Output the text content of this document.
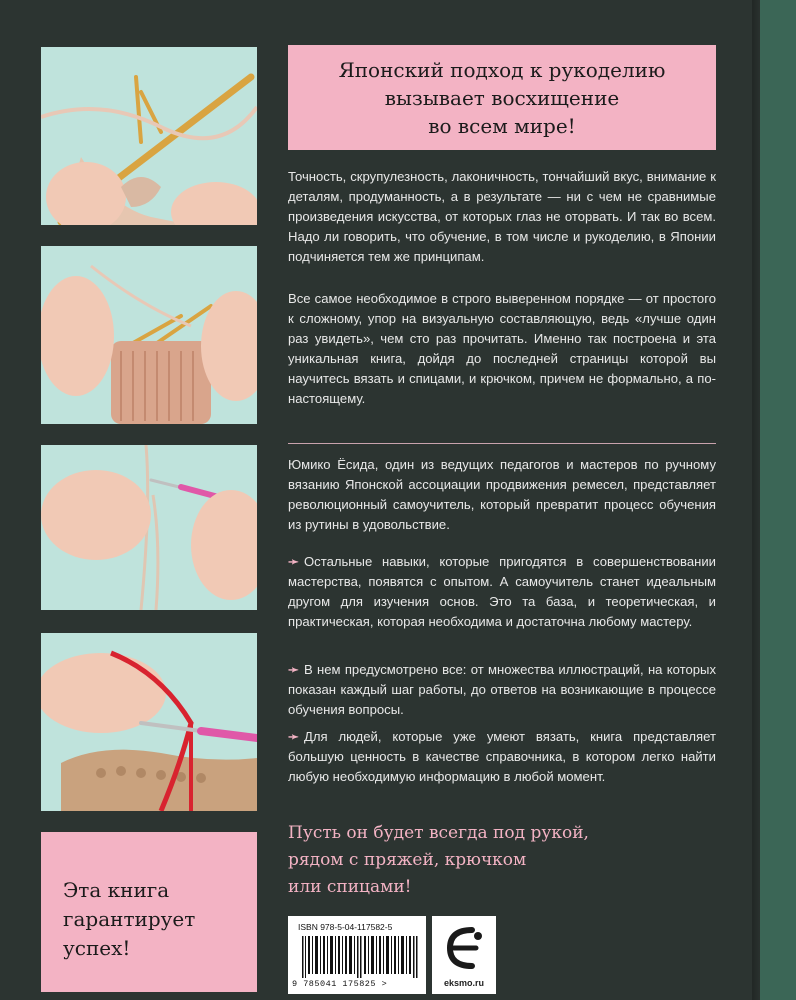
Японский подход к рукоделию
вызывает восхищение
во всем мире!
Точность, скрупулезность, лаконичность, тончайший вкус, внимание к деталям, продуманность, а в результате — ни с чем не сравнимые произведения искусства, от которых глаз не оторвать. И так во всем. Надо ли говорить, что обучение, в том числе и рукоделию, в Японии подчиняется тем же принципам.
Все самое необходимое в строго выверенном порядке — от простого к сложному, упор на визуальную составляющую, ведь «лучше один раз увидеть», чем сто раз прочитать. Именно так построена и эта уникальная книга, дойдя до последней страницы которой вы научитесь вязать и спицами, и крючком, причем не формально, а по-настоящему.
Юмико Ёсида, один из ведущих педагогов и мастеров по ручному вязанию Японской ассоциации продвижения ремесел, представляет революционный самоучитель, который превратит процесс обучения из рутины в удовольствие.
➛ Остальные навыки, которые пригодятся в совершенствовании мастерства, появятся с опытом. А самоучитель станет идеальным другом для изучения основ. Это та база, и теоретическая, и практическая, которая необходима и достаточна любому мастеру.
➛ В нем предусмотрено все: от множества иллюстраций, на которых показан каждый шаг работы, до ответов на возникающие в процессе обучения вопросы.
➛ Для людей, которые уже умеют вязать, книга представляет большую ценность в качестве справочника, в котором легко найти любую необходимую информацию в любой момент.
Пусть он будет всегда под рукой,
рядом с пряжей, крючком
или спицами!
Эта книга
гарантирует
успех!
ISBN 978-5-04-117582-5
9 785041 175825 >	eksmo.ru
